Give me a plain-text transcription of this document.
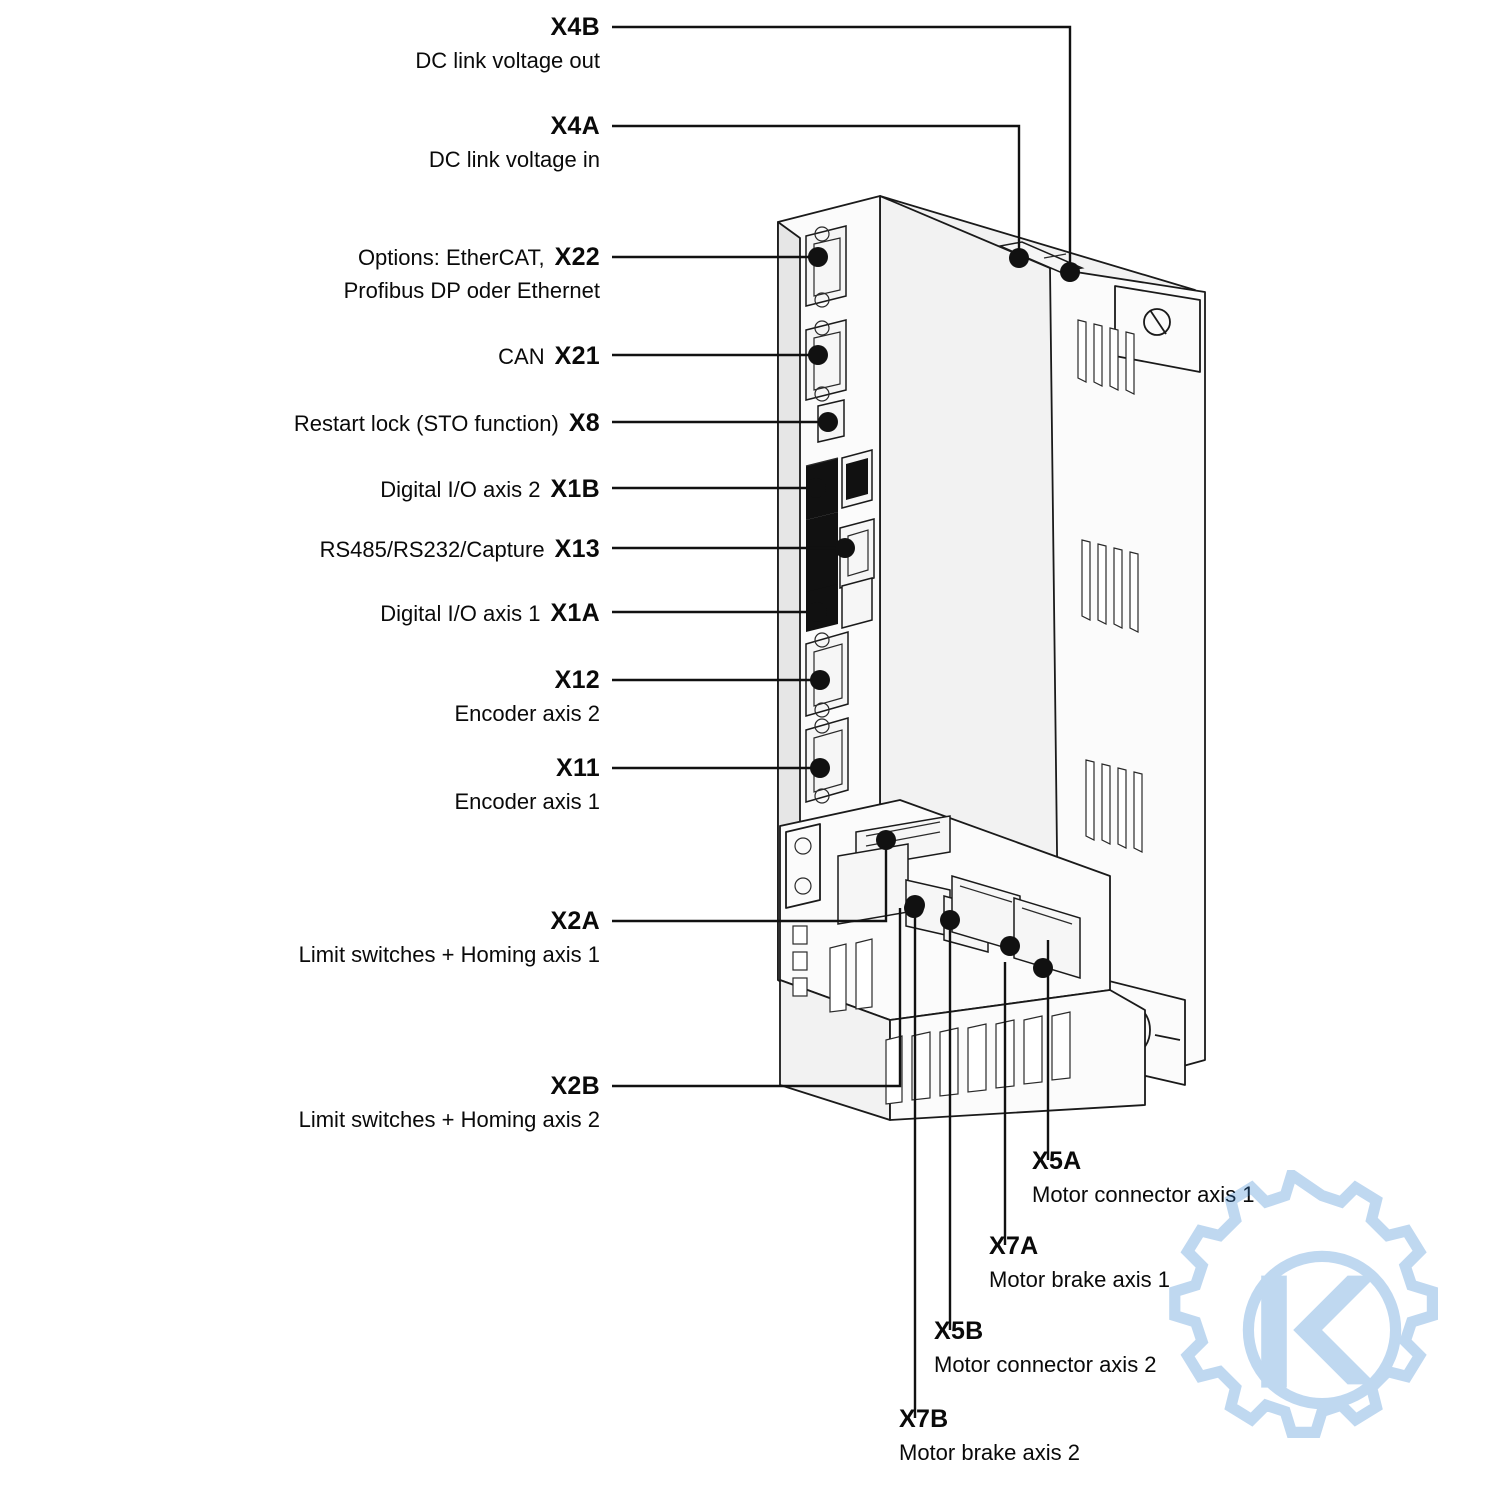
X4B
DC link voltage out
X4A
DC link voltage in
Options: EtherCAT, X22
Profibus DP oder Ethernet
CAN X21
Restart lock (STO function) X8
Digital I/O axis 2 X1B
RS485/RS232/Capture X13
Digital I/O axis 1 X1A
X12
Encoder axis 2
X11
Encoder axis 1
X2A
Limit switches + Homing axis 1
X2B
Limit switches + Homing axis 2
X5A
Motor connector axis 1
X7A
Motor brake axis 1
X5B
Motor connector axis 2
X7B
Motor brake axis 2
